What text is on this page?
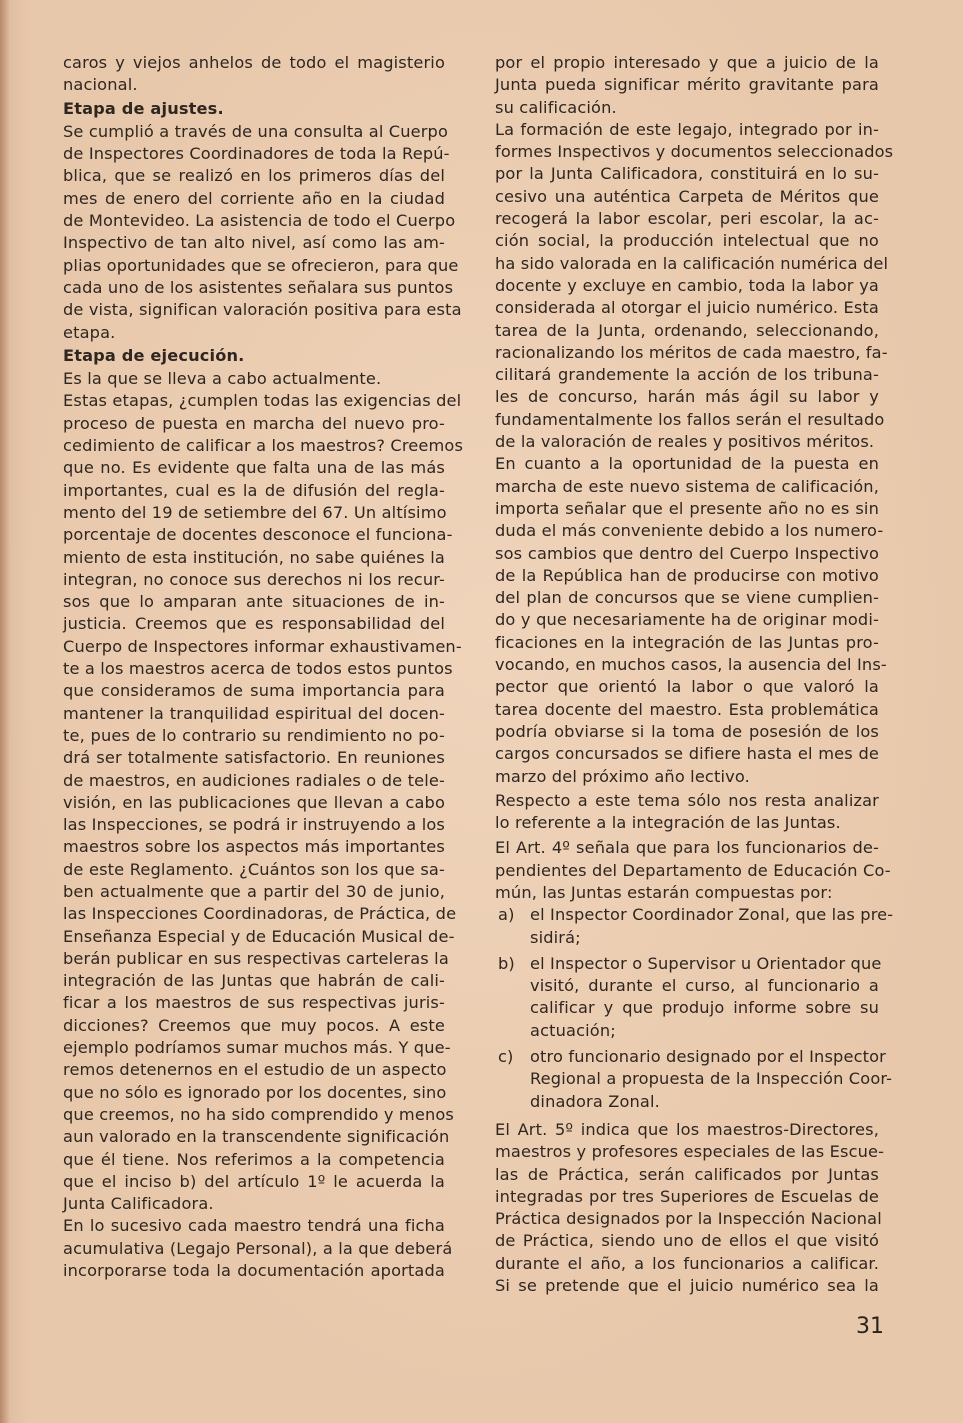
caros y viejos anhelos de todo el magisterio
nacional.

Etapa de ajustes.

Se cumplió a través de una consulta al Cuerpo
de Inspectores Coordinadores de toda la Repú-
blica, que se realizó en los primeros días del
mes de enero del corriente año en la ciudad
de Montevideo. La asistencia de todo el Cuerpo
Inspectivo de tan alto nivel, así como las am-
plias oportunidades que se ofrecieron, para que
cada uno de los asistentes señalara sus puntos
de vista, significan valoración positiva para esta
etapa.

Etapa de ejecución.

Es la que se lleva a cabo actualmente.

Estas etapas, ¿cumplen todas las exigencias del
proceso de puesta en marcha del nuevo pro-
cedimiento de calificar a los maestros? Creemos
que no. Es evidente que falta una de las más
importantes, cual es la de difusión del regla-
mento del 19 de setiembre del 67. Un altísimo
porcentaje de docentes desconoce el funciona-
miento de esta institución, no sabe quiénes la
integran, no conoce sus derechos ni los recur-
sos que lo amparan ante situaciones de in-
justicia. Creemos que es responsabilidad del
Cuerpo de Inspectores informar exhaustivamen-
te a los maestros acerca de todos estos puntos
que consideramos de suma importancia para
mantener la tranquilidad espiritual del docen-
te, pues de lo contrario su rendimiento no po-
drá ser totalmente satisfactorio. En reuniones
de maestros, en audiciones radiales o de tele-
visión, en las publicaciones que llevan a cabo
las Inspecciones, se podrá ir instruyendo a los
maestros sobre los aspectos más importantes
de este Reglamento. ¿Cuántos son los que sa-
ben actualmente que a partir del 30 de junio,
las Inspecciones Coordinadoras, de Práctica, de
Enseñanza Especial y de Educación Musical de-
berán publicar en sus respectivas carteleras la
integración de las Juntas que habrán de cali-
ficar a los maestros de sus respectivas juris-
dicciones? Creemos que muy pocos. A este
ejemplo podríamos sumar muchos más. Y que-
remos detenernos en el estudio de un aspecto
que no sólo es ignorado por los docentes, sino
que creemos, no ha sido comprendido y menos
aun valorado en la transcendente significación
que él tiene. Nos referimos a la competencia
que el inciso b) del artículo 1º le acuerda la
Junta Calificadora.

En lo sucesivo cada maestro tendrá una ficha
acumulativa (Legajo Personal), a la que deberá
incorporarse toda la documentación aportada

por el propio interesado y que a juicio de la
Junta pueda significar mérito gravitante para
su calificación.

La formación de este legajo, integrado por in-
formes Inspectivos y documentos seleccionados
por la Junta Calificadora, constituirá en lo su-
cesivo una auténtica Carpeta de Méritos que
recogerá la labor escolar, peri escolar, la ac-
ción social, la producción intelectual que no
ha sido valorada en la calificación numérica del
docente y excluye en cambio, toda la labor ya
considerada al otorgar el juicio numérico. Esta
tarea de la Junta, ordenando, seleccionando,
racionalizando los méritos de cada maestro, fa-
cilitará grandemente la acción de los tribuna-
les de concurso, harán más ágil su labor y
fundamentalmente los fallos serán el resultado
de la valoración de reales y positivos méritos.

En cuanto a la oportunidad de la puesta en
marcha de este nuevo sistema de calificación,
importa señalar que el presente año no es sin
duda el más conveniente debido a los numero-
sos cambios que dentro del Cuerpo Inspectivo
de la República han de producirse con motivo
del plan de concursos que se viene cumplien-
do y que necesariamente ha de originar modi-
ficaciones en la integración de las Juntas pro-
vocando, en muchos casos, la ausencia del Ins-
pector que orientó la labor o que valoró la
tarea docente del maestro. Esta problemática
podría obviarse si la toma de posesión de los
cargos concursados se difiere hasta el mes de
marzo del próximo año lectivo.

Respecto a este tema sólo nos resta analizar
lo referente a la integración de las Juntas.

El Art. 4º señala que para los funcionarios de-
pendientes del Departamento de Educación Co-
mún, las Juntas estarán compuestas por:

a) el Inspector Coordinador Zonal, que las pre-
sidirá;
b) el Inspector o Supervisor u Orientador que
visitó, durante el curso, al funcionario a
calificar y que produjo informe sobre su
actuación;
c) otro funcionario designado por el Inspector
Regional a propuesta de la Inspección Coor-
dinadora Zonal.

El Art. 5º indica que los maestros-Directores,
maestros y profesores especiales de las Escue-
las de Práctica, serán calificados por Juntas
integradas por tres Superiores de Escuelas de
Práctica designados por la Inspección Nacional
de Práctica, siendo uno de ellos el que visitó
durante el año, a los funcionarios a calificar.
Si se pretende que el juicio numérico sea la

31
